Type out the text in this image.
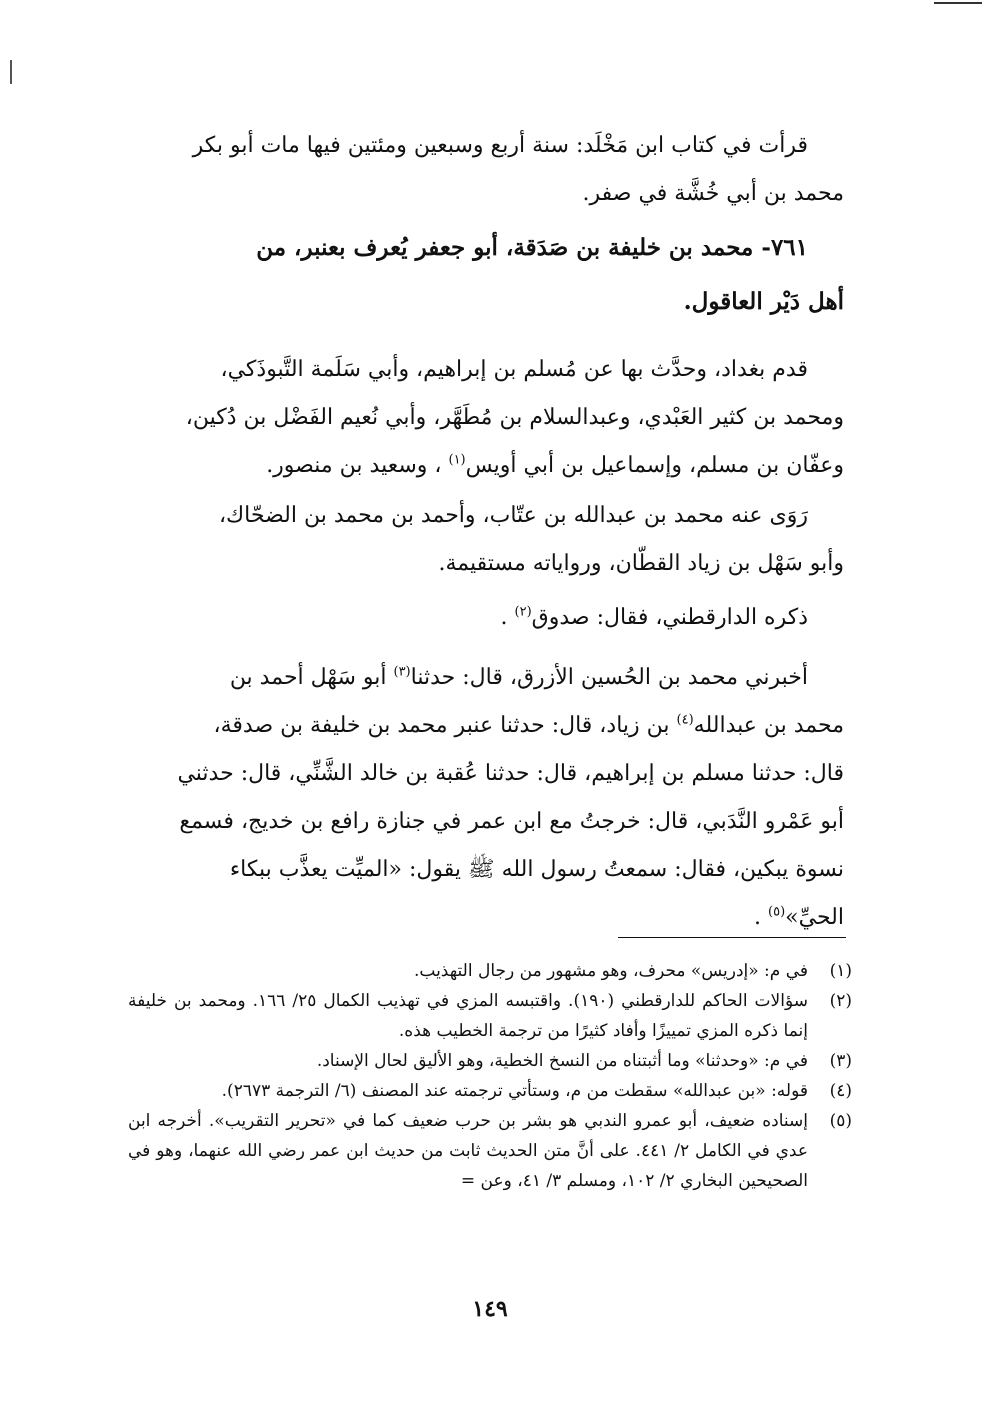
قرأت في كتاب ابن مَخْلَد: سنة أربع وسبعين ومئتين فيها مات أبو بكر

محمد بن أبي خُشَّة في صفر.

٧٦١- محمد بن خليفة بن صَدَقة، أبو جعفر يُعرف بعنبر، من

أهل دَيْر العاقول.

قدم بغداد، وحدَّث بها عن مُسلم بن إبراهيم، وأبي سَلَمة التَّبوذَكي،

ومحمد بن كثير العَبْدي، وعبدالسلام بن مُطَهَّر، وأبي نُعيم الفَضْل بن دُكين،

وعفّان بن مسلم، وإسماعيل بن أبي أويس$^{(١)}$ ، وسعيد بن منصور.

رَوَى عنه محمد بن عبدالله بن عتّاب، وأحمد بن محمد بن الضحّاك،

وأبو سَهْل بن زياد القطّان، ورواياته مستقيمة.

ذكره الدارقطني، فقال: صدوق$^{(٢)}$ .

أخبرني محمد بن الحُسين الأزرق، قال: حدثنا$^{(٣)}$ أبو سَهْل أحمد بن

محمد بن عبدالله$^{(٤)}$ بن زياد، قال: حدثنا عنبر محمد بن خليفة بن صدقة،

قال: حدثنا مسلم بن إبراهيم، قال: حدثنا عُقبة بن خالد الشَّنِّي، قال: حدثني

أبو عَمْرو النَّدَبي، قال: خرجتُ مع ابن عمر في جنازة رافع بن خديج، فسمع

نسوة يبكين، فقال: سمعتُ رسول الله ﷺ يقول: «الميِّت يعذَّب ببكاء

الحيِّ»$^{(٥)}$ .

(١)
في م: «إدريس» محرف، وهو مشهور من رجال التهذيب.
(٢)
سؤالات الحاكم للدارقطني (١٩٠). واقتبسه المزي في تهذيب الكمال ٢٥/ ١٦٦. ومحمد بن خليفة إنما ذكره المزي تمييزًا وأفاد كثيرًا من ترجمة الخطيب هذه.
(٣)
في م: «وحدثنا» وما أثبتناه من النسخ الخطية، وهو الأليق لحال الإسناد.
(٤)
قوله: «بن عبدالله» سقطت من م، وستأتي ترجمته عند المصنف (٦/ الترجمة ٢٦٧٣).
(٥)
إسناده ضعيف، أبو عمرو الندبي هو بشر بن حرب ضعيف كما في «تحرير التقريب». أخرجه ابن عدي في الكامل ٢/ ٤٤١. على أنَّ متن الحديث ثابت من حديث ابن عمر رضي الله عنهما، وهو في الصحيحين البخاري ٢/ ١٠٢، ومسلم ٣/ ٤١، وعن =
١٤٩
